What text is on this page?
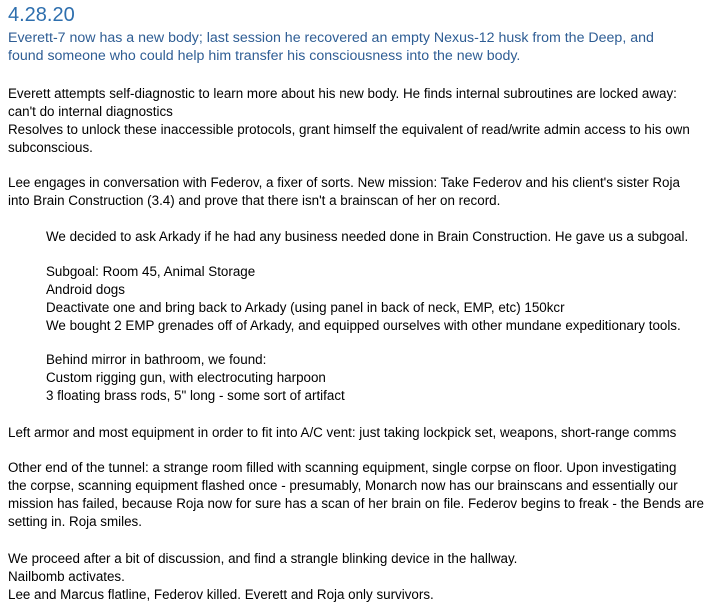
4.28.20
Everett-7 now has a new body; last session he recovered an empty Nexus-12 husk from the Deep, and
found someone who could help him transfer his consciousness into the new body.
Everett attempts self-diagnostic to learn more about his new body. He finds internal subroutines are locked away:
can't do internal diagnostics
Resolves to unlock these inaccessible protocols, grant himself the equivalent of read/write admin access to his own
subconscious.
Lee engages in conversation with Federov, a fixer of sorts. New mission: Take Federov and his client's sister Roja
into Brain Construction (3.4) and prove that there isn't a brainscan of her on record.
We decided to ask Arkady if he had any business needed done in Brain Construction. He gave us a subgoal.
Subgoal: Room 45, Animal Storage
Android dogs
Deactivate one and bring back to Arkady (using panel in back of neck, EMP, etc) 150kcr
We bought 2 EMP grenades off of Arkady, and equipped ourselves with other mundane expeditionary tools.
Behind mirror in bathroom, we found:
Custom rigging gun, with electrocuting harpoon
3 floating brass rods, 5" long - some sort of artifact
Left armor and most equipment in order to fit into A/C vent: just taking lockpick set, weapons, short-range comms
Other end of the tunnel: a strange room filled with scanning equipment, single corpse on floor. Upon investigating
the corpse, scanning equipment flashed once - presumably, Monarch now has our brainscans and essentially our
mission has failed, because Roja now for sure has a scan of her brain on file. Federov begins to freak - the Bends are
setting in. Roja smiles.
We proceed after a bit of discussion, and find a strangle blinking device in the hallway.
Nailbomb activates.
Lee and Marcus flatline, Federov killed. Everett and Roja only survivors.
